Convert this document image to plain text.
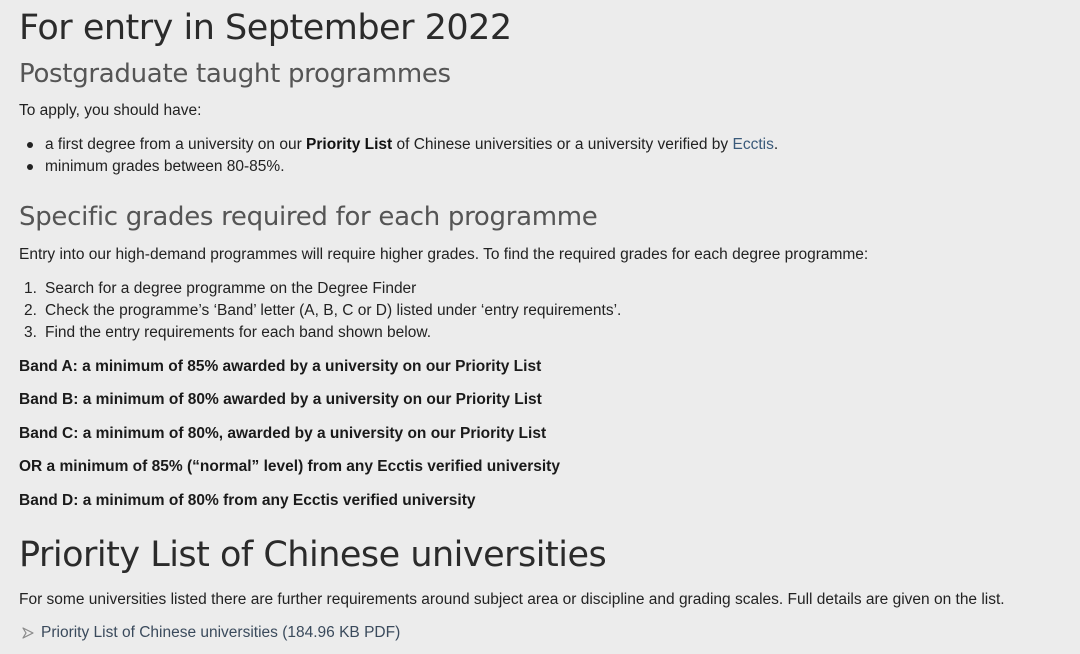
For entry in September 2022
Postgraduate taught programmes
To apply, you should have:
a first degree from a university on our Priority List of Chinese universities or a university verified by Ecctis.
minimum grades between 80-85%.
Specific grades required for each programme
Entry into our high-demand programmes will require higher grades. To find the required grades for each degree programme:
1. Search for a degree programme on the Degree Finder
2. Check the programme’s ‘Band’ letter (A, B, C or D) listed under ‘entry requirements’.
3. Find the entry requirements for each band shown below.
Band A: a minimum of 85% awarded by a university on our Priority List
Band B: a minimum of 80% awarded by a university on our Priority List
Band C: a minimum of 80%, awarded by a university on our Priority List
OR a minimum of 85% (“normal” level) from any Ecctis verified university
Band D: a minimum of 80% from any Ecctis verified university
Priority List of Chinese universities
For some universities listed there are further requirements around subject area or discipline and grading scales. Full details are given on the list.
Priority List of Chinese universities (184.96 KB PDF)
